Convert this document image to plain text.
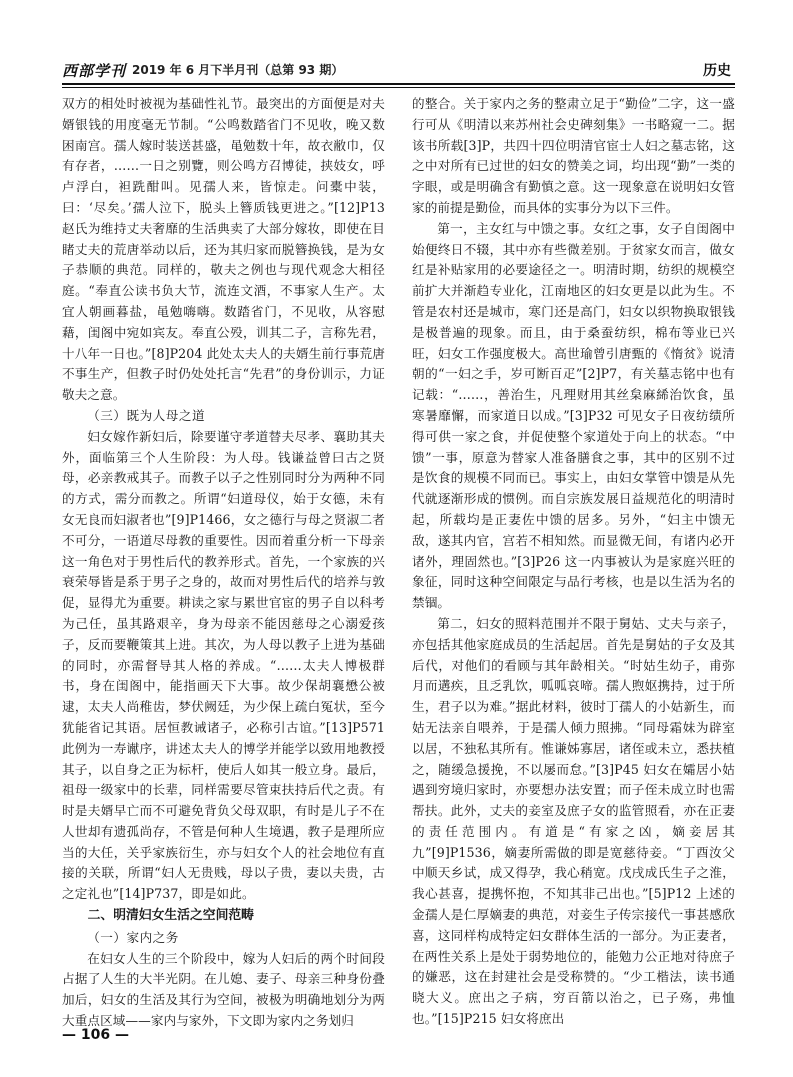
西部学刊 2019 年 6 月下半月刊（总第 93 期）	历史

双方的相处时被视为基础性礼节。最突出的方面便是对夫婿银钱的用度毫无节制。“公鸣数踏省门不见收，晚又数困南宫。孺人嫁时装送甚盛，黾勉数十年，故衣敝巾，仅有存者，……一日之别覽，则公鸣方召博徒，挟妓女，呼卢浮白，袒跣酣叫。见孺人来，皆惊走。问橐中装，曰：‘尽矣。’孺人泣下，脱头上簪质钱更进之。”[12]P13 赵氏为维持丈夫奢靡的生活典卖了大部分嫁妆，即使在目睹丈夫的荒唐举动以后，还为其归家而脱簪换钱，是为女子恭顺的典范。同样的，敬夫之例也与现代观念大相径庭。“奉直公读书负大节，流连文酒，不事家人生产。太宜人朝画暮盐，黾勉嗨嗨。数踏省门，不见收，从容慰藉，闺阁中宛如宾友。奉直公殁，训其二子，言称先君，十八年一日也。”[8]P204 此处太夫人的夫婿生前行事荒唐不事生产，但教子时仍处处托言“先君”的身份训示，力证敬夫之意。

（三）既为人母之道

妇女嫁作新妇后，除要谨守孝道替夫尽孝、襄助其夫外，面临第三个人生阶段：为人母。钱谦益曾曰古之贤母，必亲教戒其子。而教子以子之性别同时分为两种不同的方式，需分而教之。所谓“妇道母仪，始于女德，未有女无良而妇淑者也”[9]P1466，女之德行与母之贤淑二者不可分，一语道尽母教的重要性。因而着重分析一下母亲这一角色对于男性后代的教养形式。首先，一个家族的兴衰荣辱皆是系于男子之身的，故而对男性后代的培养与敦促，显得尤为重要。耕读之家与累世官宦的男子自以科考为己任，虽其路艰辛，身为母亲不能因慈母之心溺爱孩子，反而要鞭策其上进。其次，为人母以教子上进为基础的同时，亦需督导其人格的养成。“……太夫人博极群书，身在闺阁中，能指画天下大事。故少保胡襄懋公被逮，太夫人尚稚齿，梦伏阙廷，为少保上疏白冤状，至今犹能省记其语。居恒教诫诸子，必称引古谊。”[13]P571 此例为一寿谳序，讲述太夫人的博学并能学以致用地教授其子，以自身之正为标杆，使后人如其一般立身。最后，祖母一级家中的长辈，同样需要尽管束扶持后代之责。有时是夫婿早亡而不可避免背负父母双职，有时是儿子不在人世却有遗孤尚存，不管是何种人生境遇，教子是理所应当的大任，关乎家族衍生，亦与妇女个人的社会地位有直接的关联，所谓“妇人无贵贱，母以子贵，妻以夫贵，古之定礼也”[14]P737，即是如此。

二、明清妇女生活之空间范畴
（一）家内之务

在妇女人生的三个阶段中，嫁为人妇后的两个时间段占据了人生的大半光阴。在儿媳、妻子、母亲三种身份叠加后，妇女的生活及其行为空间，被极为明确地划分为两大重点区域——家内与家外，下文即为家内之务划归

的整合。关于家内之务的整肃立足于“勤俭”二字，这一盛行可从《明清以来苏州社会史碑刻集》一书略窥一二。据该书所载[3]P，共四十四位明清官宦士人妇之墓志铭，这之中对所有已过世的妇女的赞美之词，均出现“勤”一类的字眼，或是明确含有勤慎之意。这一现象意在说明妇女管家的前提是勤俭，而具体的实事分为以下三件。

第一，主女红与中馈之事。女红之事，女子自闺阁中始便终日不辍，其中亦有些微差别。于贫家女而言，做女红是补贴家用的必要途径之一。明清时期，纺织的规模空前扩大并渐趋专业化，江南地区的妇女更是以此为生。不管是农村还是城市，寒门还是高门，妇女以织物换取银钱是极普遍的现象。而且，由于桑蚕纺织，棉布等业已兴旺，妇女工作强度极大。高世瑜曾引唐甄的《惰贫》说清朝的“一妇之手，岁可断百疋”[2]P7，有关墓志铭中也有记载：“……，善治生，凡理财用其丝枲麻絺治饮食，虽寒暑靡懈，而家道日以成。”[3]P32 可见女子日夜纺绩所得可供一家之食，并促使整个家道处于向上的状态。“中馈”一事，原意为替家人准备膳食之事，其中的区别不过是饮食的规模不同而已。事实上，由妇女掌管中馈是从先代就逐渐形成的惯例。而自宗族发展日益规范化的明清时起，所载均是正妻佐中馈的居多。另外，“妇主中馈无敌，遂其内官，宫若不相知然。而显微无间，有诸内必开诸外，理固然也。”[3]P26 这一内事被认为是家庭兴旺的象征，同时这种空间限定与品行考核，也是以生活为名的禁锢。

第二，妇女的照料范围并不限于舅姑、丈夫与亲子，亦包括其他家庭成员的生活起居。首先是舅姑的子女及其后代，对他们的看顾与其年龄相关。“时姑生幼子，甫弥月而遘疾，且乏乳饮，呱呱哀啼。孺人煦妪携持，过于所生，君子以为难。”据此材料，彼时丁孺人的小姑新生，而姑无法亲自喂养，于是孺人倾力照拂。“同母霜妹为辟室以居，不独私其所有。惟谦姊寡居，诸侄或未立，悉扶植之，随缓急援挽，不以屡而怠。”[3]P45 妇女在孀居小姑遇到穷境归家时，亦要想办法安置；而子侄未成立时也需帮扶。此外，丈夫的妾室及庶子女的监管照看，亦在正妻的责任范围内。有道是“有家之凶，嫡妾居其九”[9]P1536，嫡妻所需做的即是宽慈待妾。“丁酉汝父中顺天乡试，成又得孕，我心稍宽。戊戌成氏生子之淮，我心甚喜，提携怀抱，不知其非己出也。”[5]P12 上述的金孺人是仁厚嫡妻的典范，对妾生子传宗接代一事甚感欣喜，这同样构成特定妇女群体生活的一部分。为正妻者，在两性关系上是处于弱势地位的，能勉力公正地对待庶子的嫌恶，这在封建社会是受称赞的。“少工楷法，读书通晓大义。庶出之子病，穷百箭以治之，已子殇，弗恤也。”[15]P215 妇女将庶出

— 106 —
